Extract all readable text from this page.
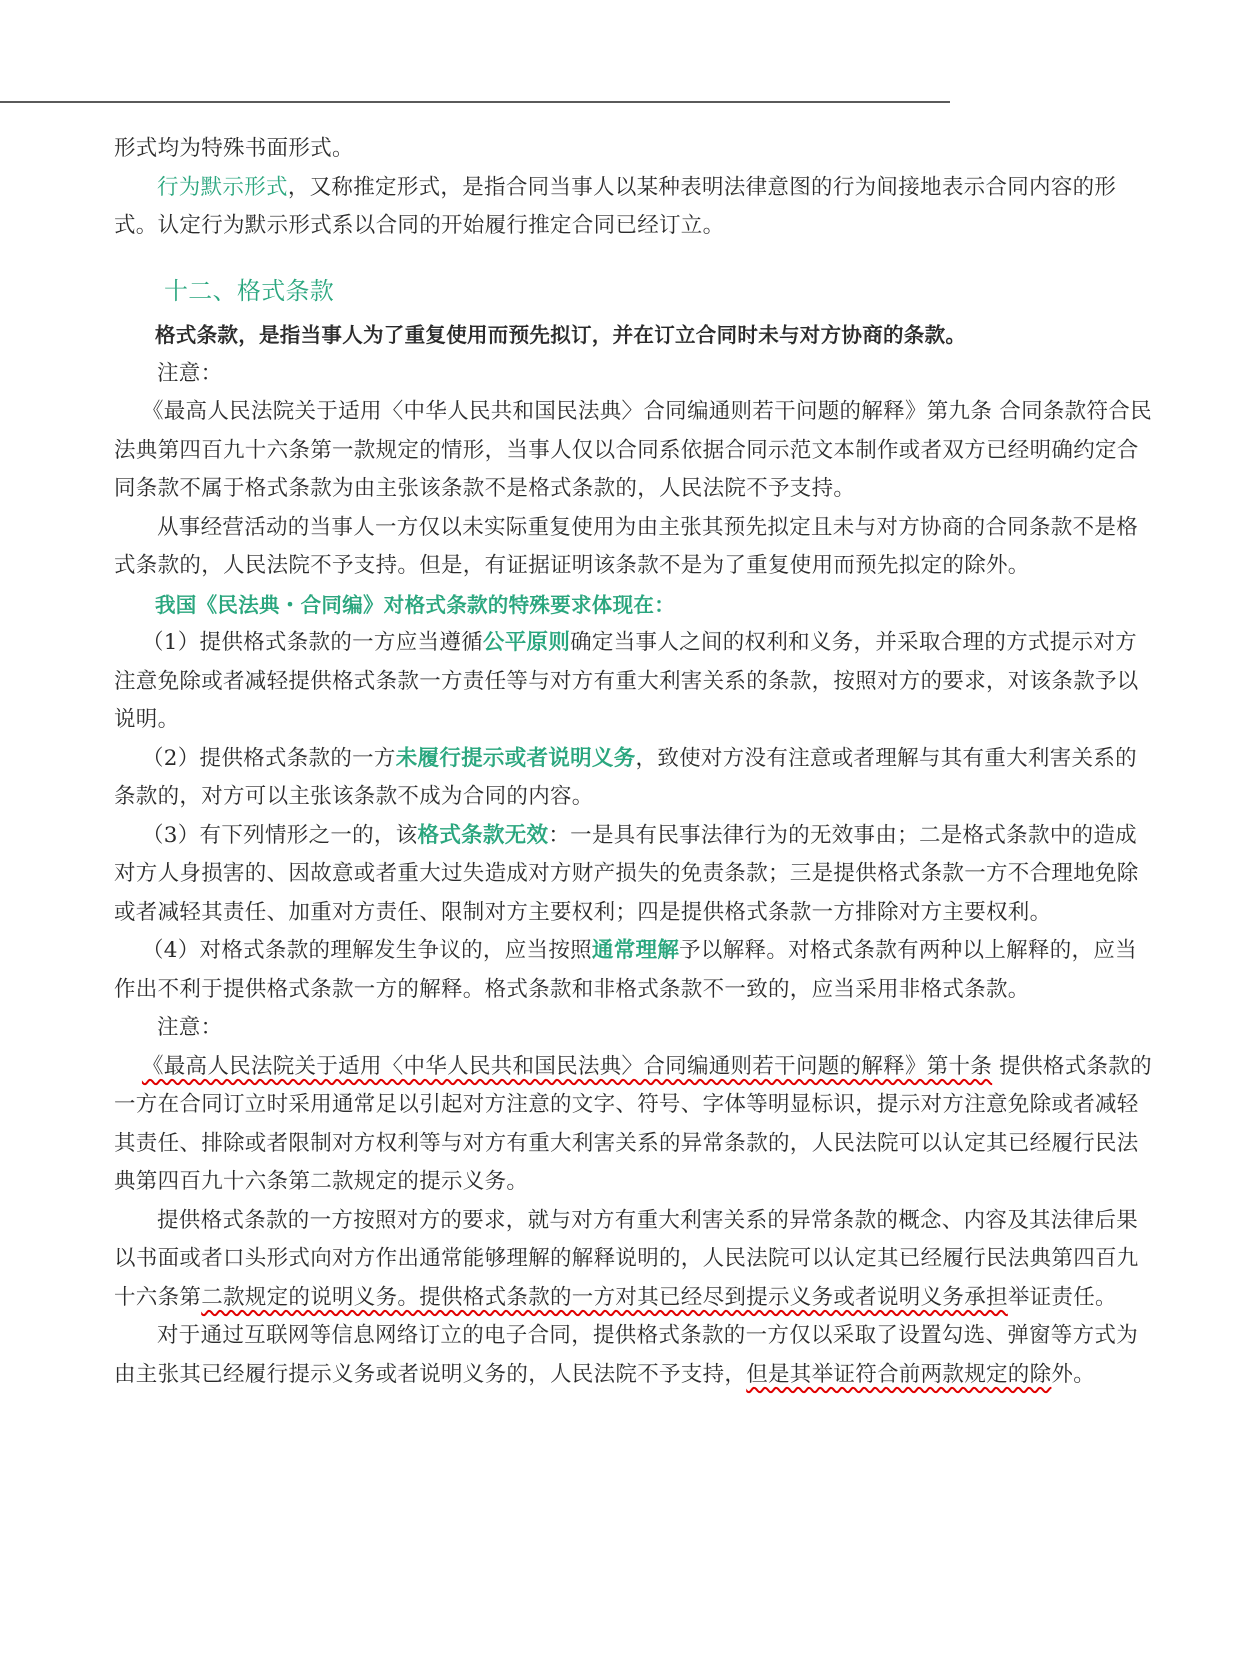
形式均为特殊书面形式。

行为默示形式，又称推定形式，是指合同当事人以某种表明法律意图的行为间接地表示合同内容的形式。认定行为默示形式系以合同的开始履行推定合同已经订立。

十二、格式条款

格式条款，是指当事人为了重复使用而预先拟订，并在订立合同时未与对方协商的条款。

注意：

《最高人民法院关于适用〈中华人民共和国民法典〉合同编通则若干问题的解释》第九条 合同条款符合民法典第四百九十六条第一款规定的情形，当事人仅以合同系依据合同示范文本制作或者双方已经明确约定合同条款不属于格式条款为由主张该条款不是格式条款的，人民法院不予支持。

从事经营活动的当事人一方仅以未实际重复使用为由主张其预先拟定且未与对方协商的合同条款不是格式条款的，人民法院不予支持。但是，有证据证明该条款不是为了重复使用而预先拟定的除外。

我国《民法典・合同编》对格式条款的特殊要求体现在：

（1）提供格式条款的一方应当遵循公平原则确定当事人之间的权利和义务，并采取合理的方式提示对方注意免除或者减轻提供格式条款一方责任等与对方有重大利害关系的条款，按照对方的要求，对该条款予以说明。

（2）提供格式条款的一方未履行提示或者说明义务，致使对方没有注意或者理解与其有重大利害关系的条款的，对方可以主张该条款不成为合同的内容。

（3）有下列情形之一的，该格式条款无效：一是具有民事法律行为的无效事由；二是格式条款中的造成对方人身损害的、因故意或者重大过失造成对方财产损失的免责条款；三是提供格式条款一方不合理地免除或者减轻其责任、加重对方责任、限制对方主要权利；四是提供格式条款一方排除对方主要权利。

（4）对格式条款的理解发生争议的，应当按照通常理解予以解释。对格式条款有两种以上解释的，应当作出不利于提供格式条款一方的解释。格式条款和非格式条款不一致的，应当采用非格式条款。

注意：

《最高人民法院关于适用〈中华人民共和国民法典〉合同编通则若干问题的解释》第十条 提供格式条款的一方在合同订立时采用通常足以引起对方注意的文字、符号、字体等明显标识，提示对方注意免除或者减轻其责任、排除或者限制对方权利等与对方有重大利害关系的异常条款的，人民法院可以认定其已经履行民法典第四百九十六条第二款规定的提示义务。

提供格式条款的一方按照对方的要求，就与对方有重大利害关系的异常条款的概念、内容及其法律后果以书面或者口头形式向对方作出通常能够理解的解释说明的，人民法院可以认定其已经履行民法典第四百九十六条第二款规定的说明义务。提供格式条款的一方对其已经尽到提示义务或者说明义务承担举证责任。

对于通过互联网等信息网络订立的电子合同，提供格式条款的一方仅以采取了设置勾选、弹窗等方式为由主张其已经履行提示义务或者说明义务的，人民法院不予支持，但是其举证符合前两款规定的除外。
